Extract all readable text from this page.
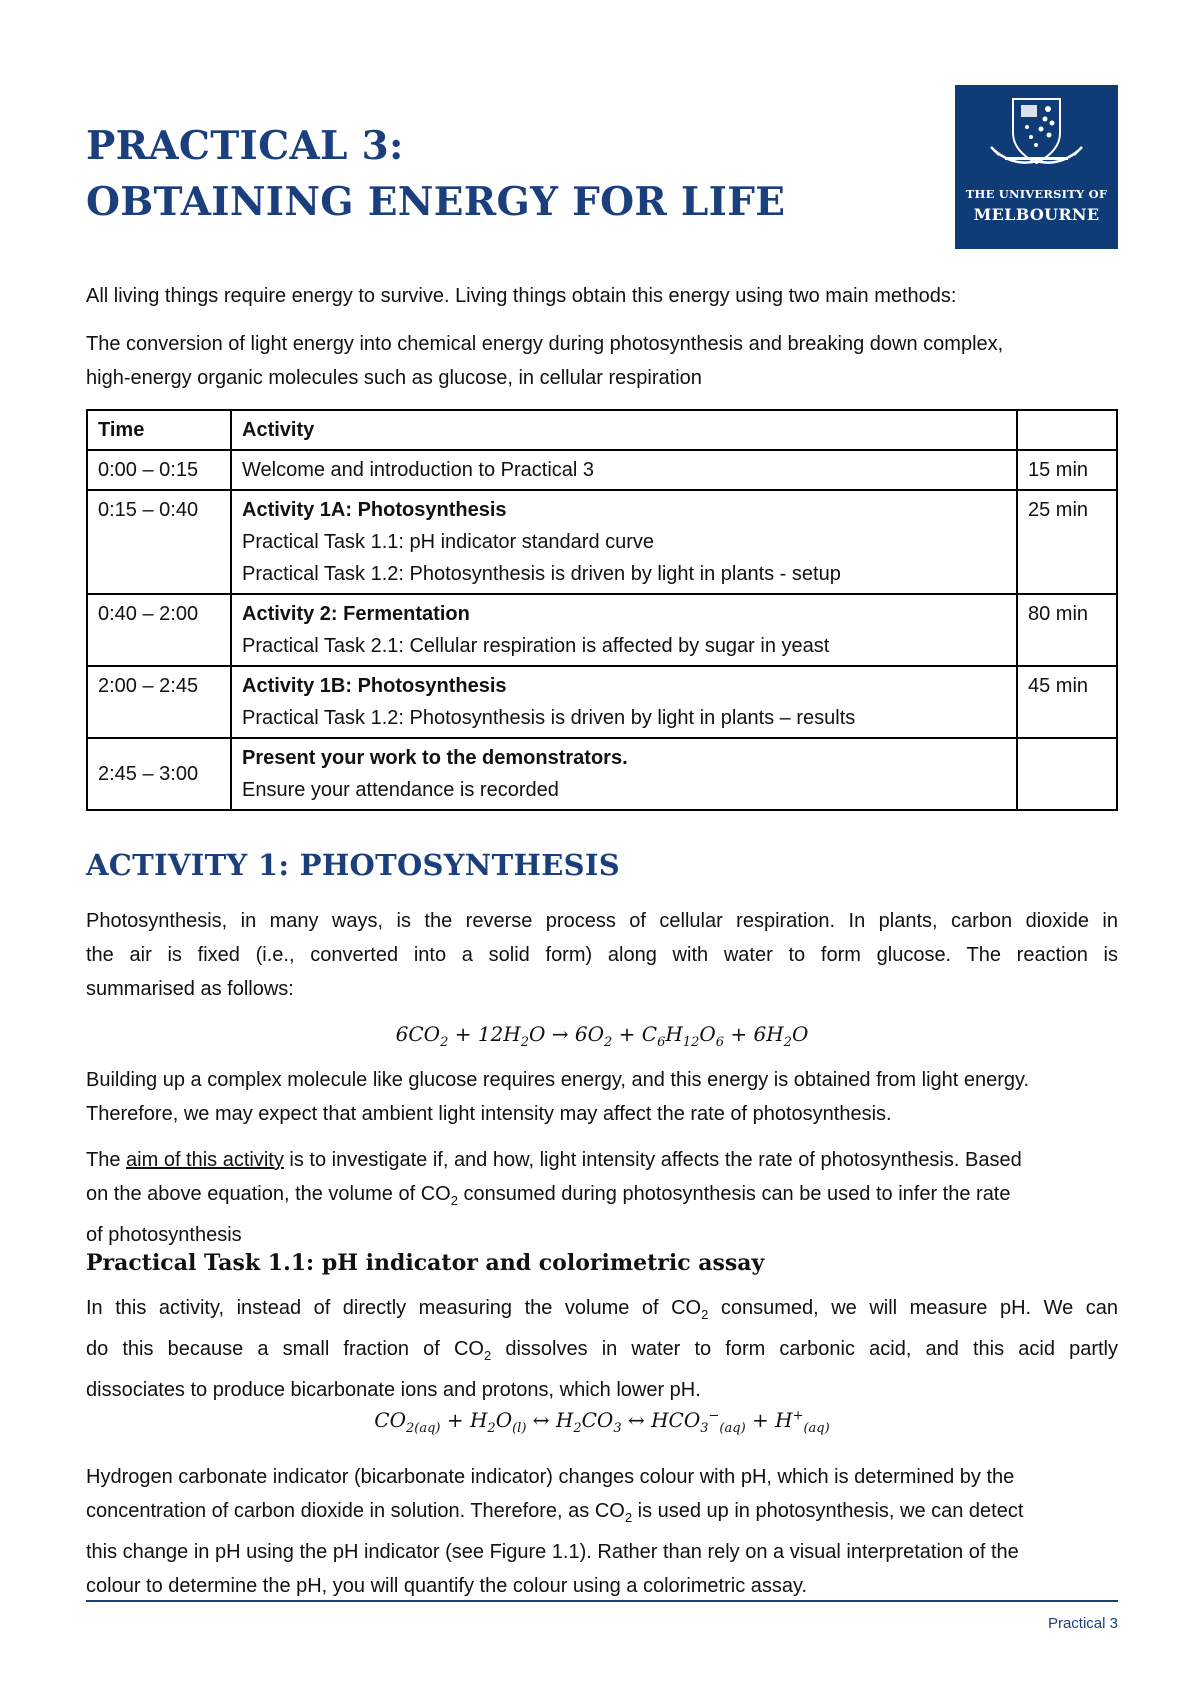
PRACTICAL 3:
OBTAINING ENERGY FOR LIFE	THE UNIVERSITY OF
MELBOURNE
All living things require energy to survive. Living things obtain this energy using two main methods:
The conversion of light energy into chemical energy during photosynthesis and breaking down complex,
high-energy organic molecules such as glucose, in cellular respiration
Time	Activity	
0:00 – 0:15	Welcome and introduction to Practical 3	15 min
0:15 – 0:40	Activity 1A: Photosynthesis
Practical Task 1.1: pH indicator standard curve
Practical Task 1.2: Photosynthesis is driven by light in plants - setup	25 min
0:40 – 2:00	Activity 2: Fermentation
Practical Task 2.1: Cellular respiration is affected by sugar in yeast	80 min
2:00 – 2:45	Activity 1B: Photosynthesis
Practical Task 1.2: Photosynthesis is driven by light in plants – results	45 min
2:45 – 3:00	Present your work to the demonstrators.
Ensure your attendance is recorded	

ACTIVITY 1: PHOTOSYNTHESIS
Photosynthesis, in many ways, is the reverse process of cellular respiration. In plants, carbon dioxide in
the air is fixed (i.e., converted into a solid form) along with water to form glucose. The reaction is
summarised as follows:
$6CO_2 + 12H_2O \to 6O_2 + C_6H_{12}O_6 + 6H_2O$
Building up a complex molecule like glucose requires energy, and this energy is obtained from light energy.
Therefore, we may expect that ambient light intensity may affect the rate of photosynthesis.
The aim of this activity is to investigate if, and how, light intensity affects the rate of photosynthesis. Based
on the above equation, the volume of $CO_2$ consumed during photosynthesis can be used to infer the rate
of photosynthesis
Practical Task 1.1: pH indicator and colorimetric assay
In this activity, instead of directly measuring the volume of $CO_2$ consumed, we will measure pH. We can
do this because a small fraction of $CO_2$ dissolves in water to form carbonic acid, and this acid partly
dissociates to produce bicarbonate ions and protons, which lower pH.
$CO_{2(aq)} + H_2O_{(l)}$ ↔ $H_2CO_3$ ↔ $HCO_3^-_{(aq)} + H^+_{(aq)}$
Hydrogen carbonate indicator (bicarbonate indicator) changes colour with pH, which is determined by the
concentration of carbon dioxide in solution. Therefore, as $CO_2$ is used up in photosynthesis, we can detect
this change in pH using the pH indicator (see Figure 1.1). Rather than rely on a visual interpretation of the
colour to determine the pH, you will quantify the colour using a colorimetric assay.
Practical 3
